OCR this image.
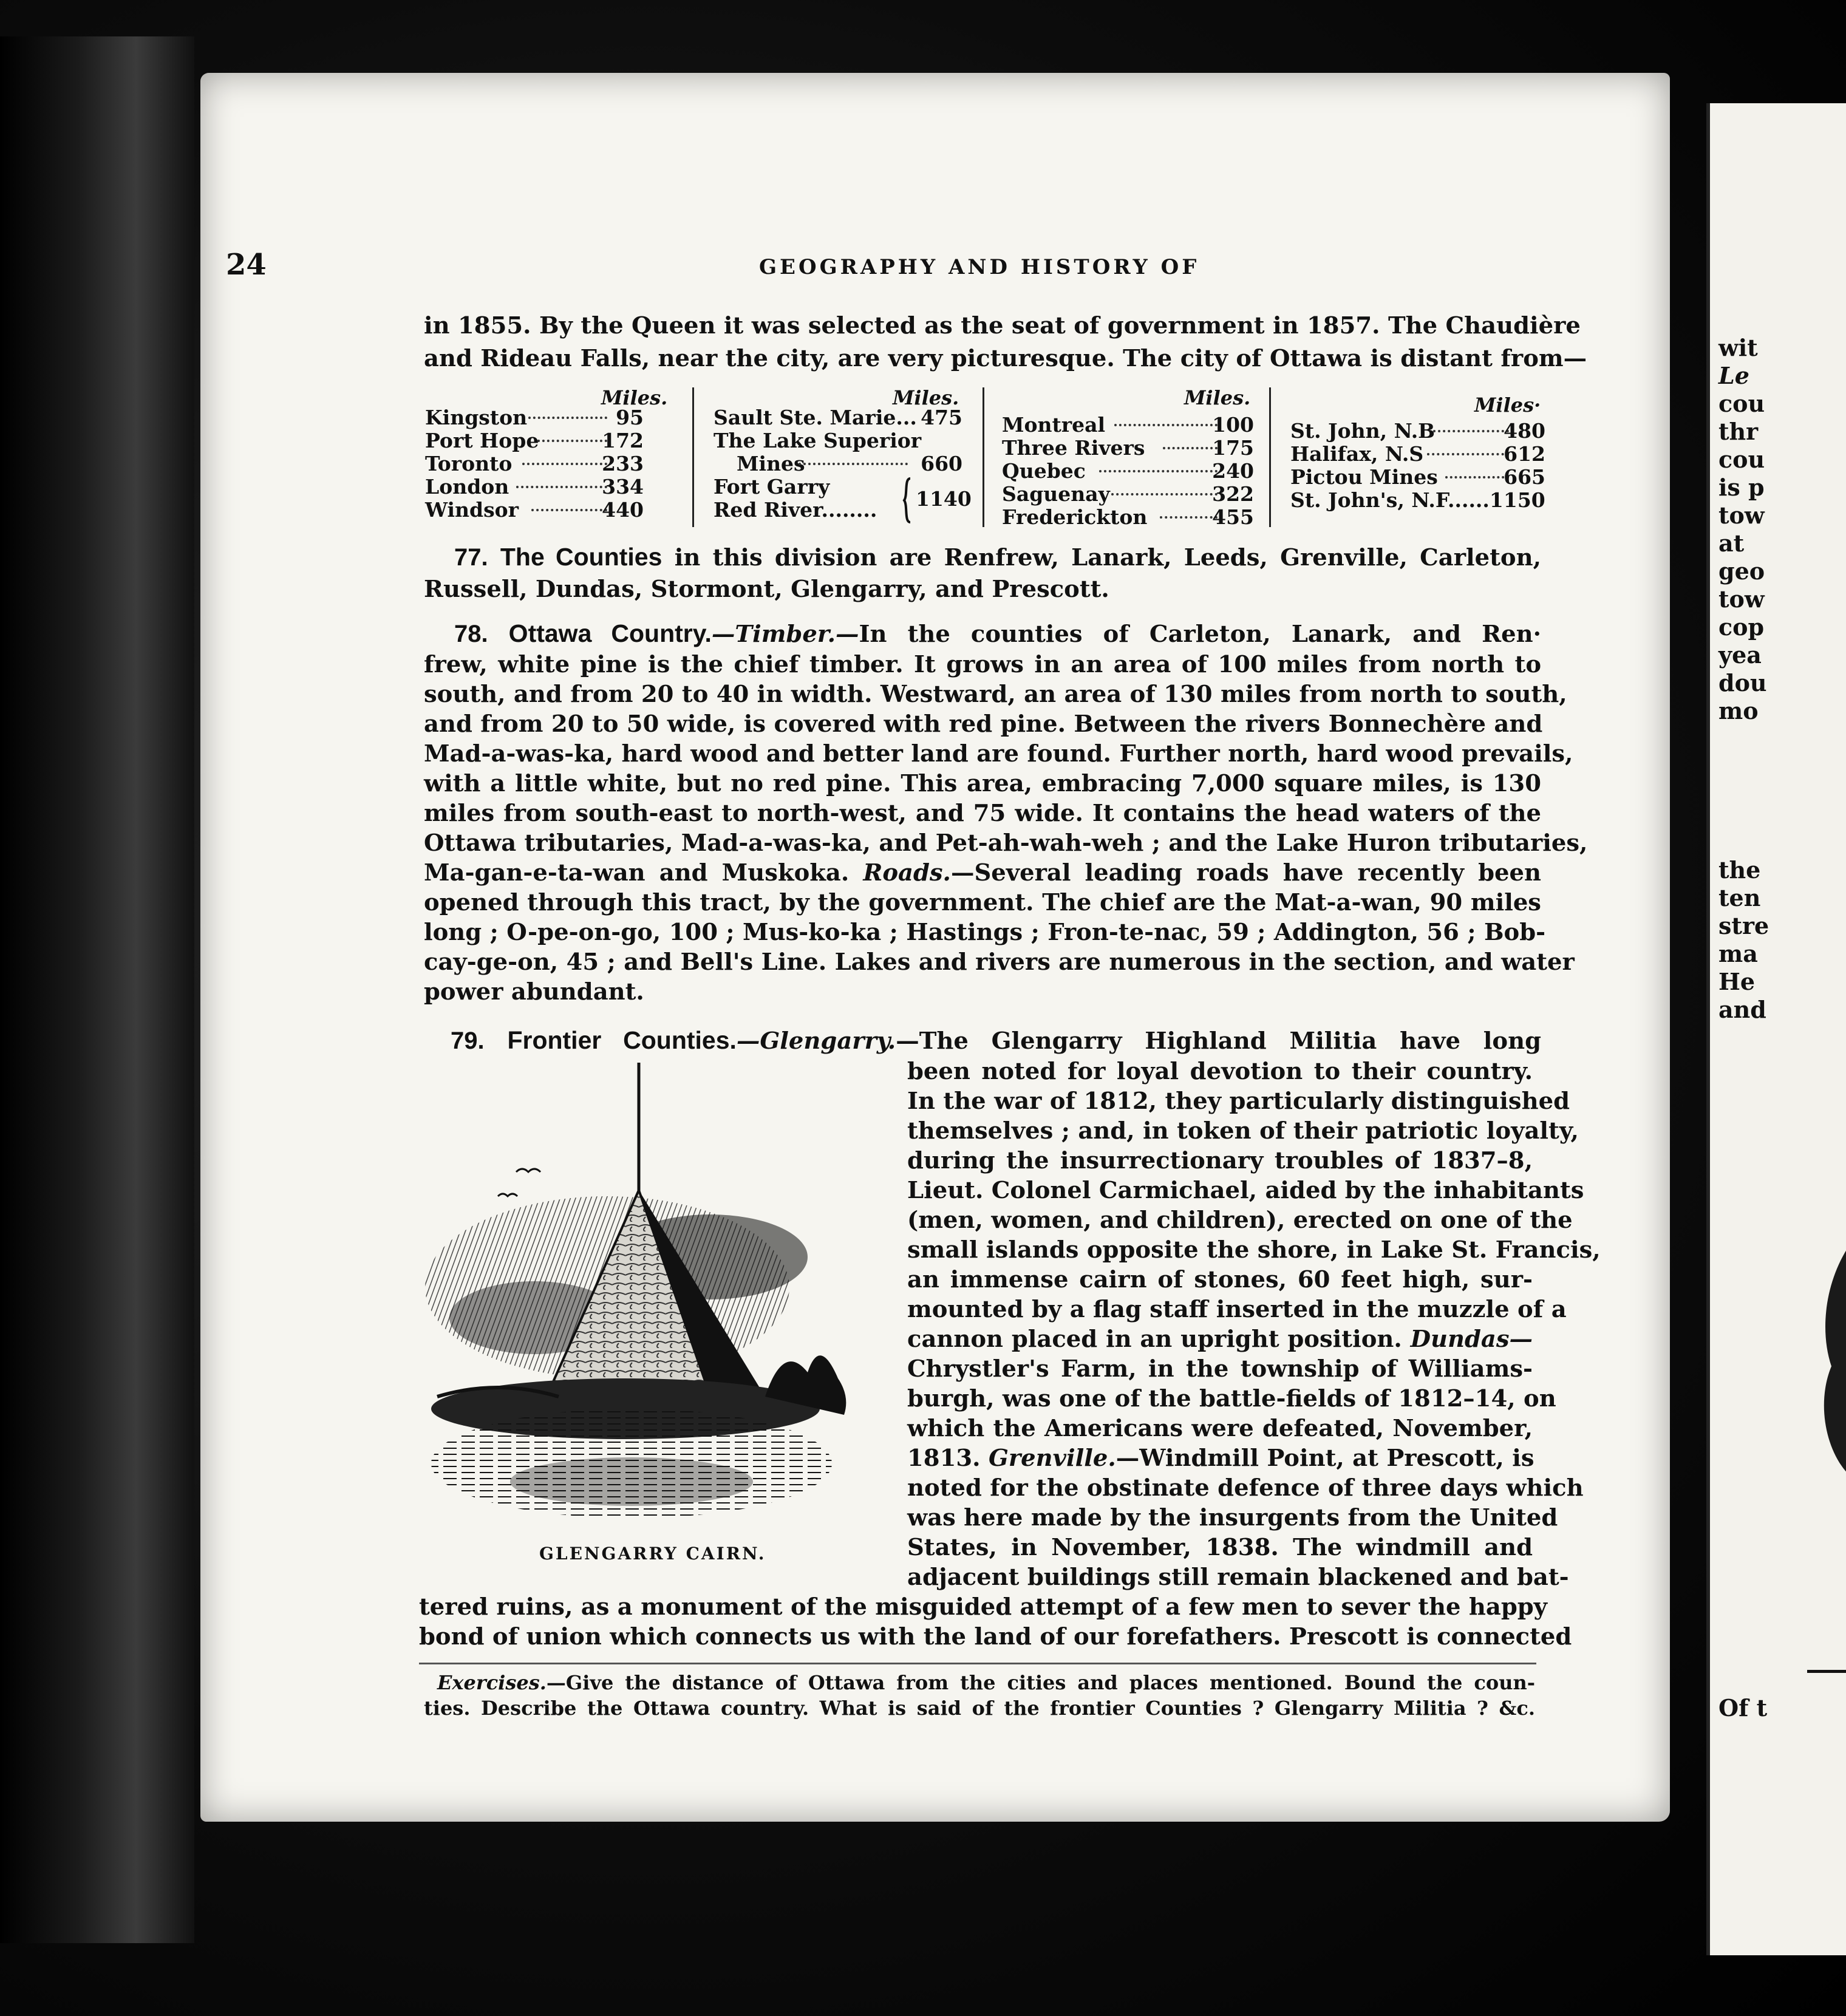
wit
Le
cou
thr
cou
is p
tow
at
geo
tow
cop
yea
dou
mo
the
ten
stre
ma
He
and
Of t
24	GEOGRAPHY AND HISTORY OF
in 1855. By the Queen it was selected as the seat of government in 1857. The Chaudière
and Rideau Falls, near the city, are very picturesque. The city of Ottawa is distant from—
Miles.
Kingston	95
Port Hope	172
Toronto	233
London	334
Windsor	440
Miles.
Sault Ste. Marie... 475
The Lake Superior
Mines	660
Fort Garry
Red River........ 1140
Miles.
Montreal	100
Three Rivers	175
Quebec	240
Saguenay	322
Frederickton	455
Miles·
St. John, N.B	480
Halifax, N.S	612
Pictou Mines	665
St. John's, N.F......1150
77. The Counties in this division are Renfrew, Lanark, Leeds, Grenville, Carleton,
Russell, Dundas, Stormont, Glengarry, and Prescott.
78. Ottawa Country.—Timber.—In the counties of Carleton, Lanark, and Ren·
frew, white pine is the chief timber. It grows in an area of 100 miles from north to
south, and from 20 to 40 in width. Westward, an area of 130 miles from north to south,
and from 20 to 50 wide, is covered with red pine. Between the rivers Bonnechère and
Mad-a-was-ka, hard wood and better land are found. Further north, hard wood prevails,
with a little white, but no red pine. This area, embracing 7,000 square miles, is 130
miles from south-east to north-west, and 75 wide. It contains the head waters of the
Ottawa tributaries, Mad-a-was-ka, and Pet-ah-wah-weh ; and the Lake Huron tributaries,
Ma-gan-e-ta-wan and Muskoka. Roads.—Several leading roads have recently been
opened through this tract, by the government. The chief are the Mat-a-wan, 90 miles
long ; O-pe-on-go, 100 ; Mus-ko-ka ; Hastings ; Fron-te-nac, 59 ; Addington, 56 ; Bob-
cay-ge-on, 45 ; and Bell's Line. Lakes and rivers are numerous in the section, and water
power abundant.
79. Frontier Counties.—Glengarry.—The Glengarry Highland Militia have long
GLENGARRY CAIRN.
been noted for loyal devotion to their country.
In the war of 1812, they particularly distinguished
themselves ; and, in token of their patriotic loyalty,
during the insurrectionary troubles of 1837–8,
Lieut. Colonel Carmichael, aided by the inhabitants
(men, women, and children), erected on one of the
small islands opposite the shore, in Lake St. Francis,
an immense cairn of stones, 60 feet high, sur-
mounted by a flag staff inserted in the muzzle of a
cannon placed in an upright position. Dundas—
Chrystler's Farm, in the township of Williams-
burgh, was one of the battle-fields of 1812–14, on
which the Americans were defeated, November,
1813. Grenville.—Windmill Point, at Prescott, is
noted for the obstinate defence of three days which
was here made by the insurgents from the United
States, in November, 1838. The windmill and
adjacent buildings still remain blackened and bat-
tered ruins, as a monument of the misguided attempt of a few men to sever the happy
bond of union which connects us with the land of our forefathers. Prescott is connected
Exercises.—Give the distance of Ottawa from the cities and places mentioned. Bound the coun-
ties. Describe the Ottawa country. What is said of the frontier Counties ? Glengarry Militia ? &c.
